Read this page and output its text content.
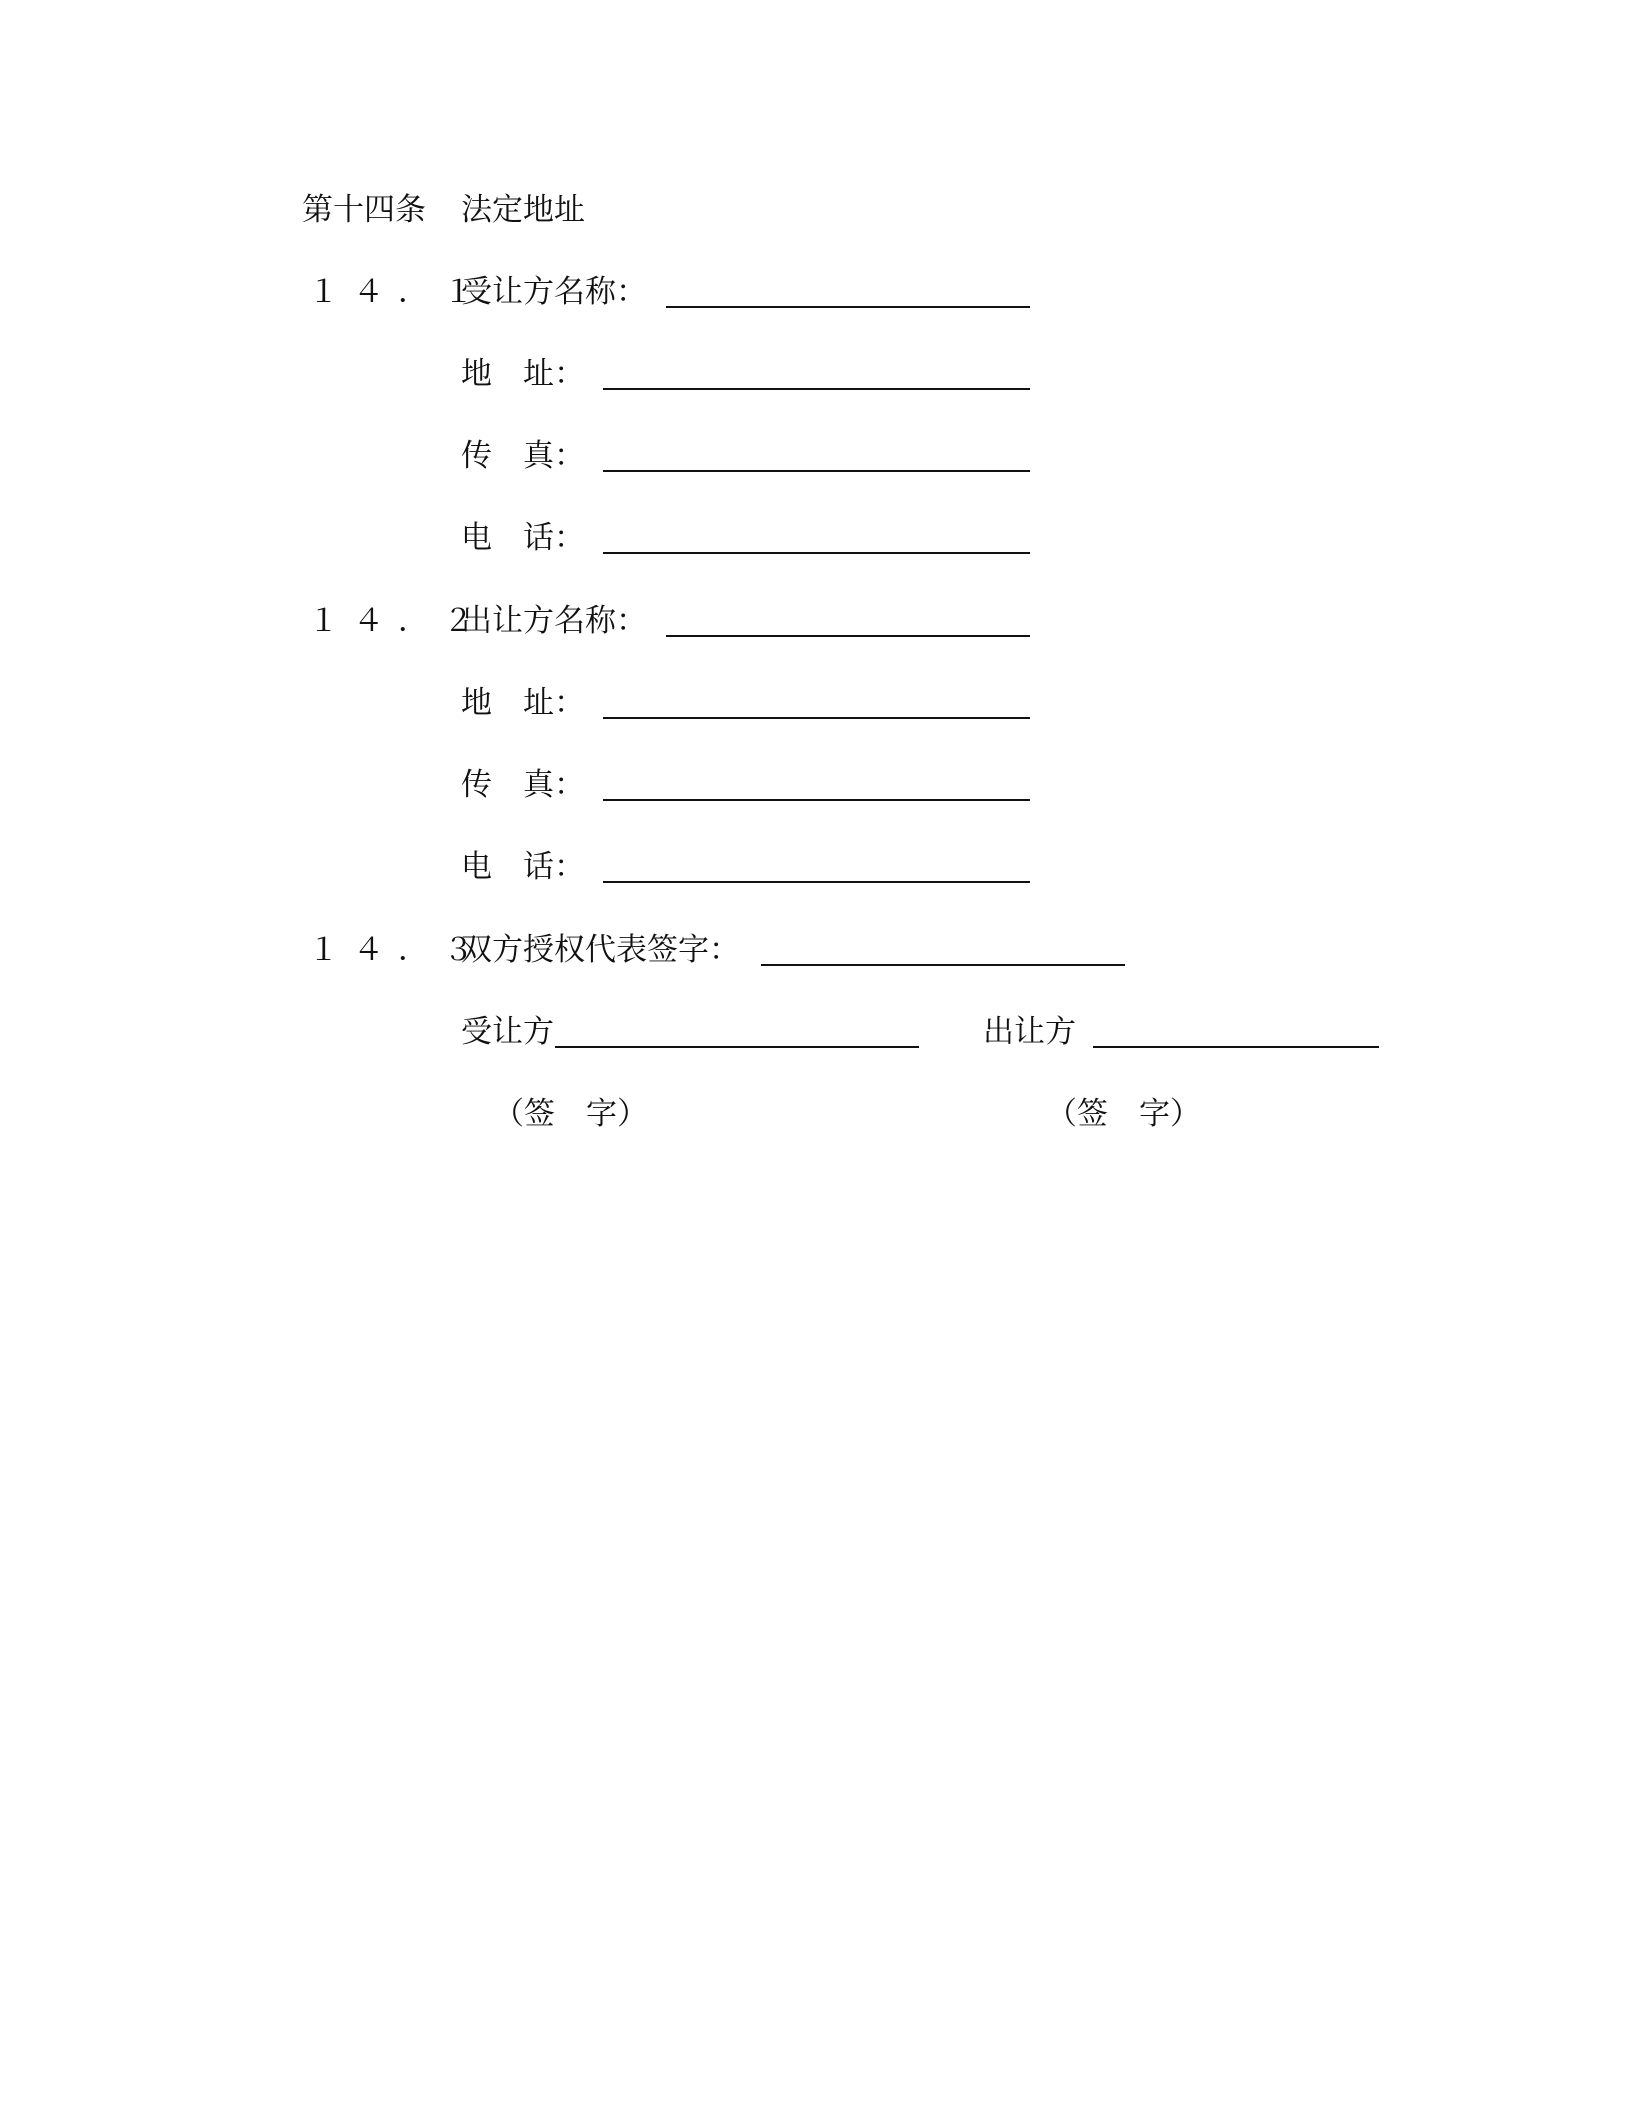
第十四条 法定地址
１４．１
受让方名称：
地　址：
传　真：
电　话：
１４．２
出让方名称：
地　址：
传　真：
电　话：
１４．３
双方授权代表签字：
受让方	出让方
（签　字）	（签　字）
